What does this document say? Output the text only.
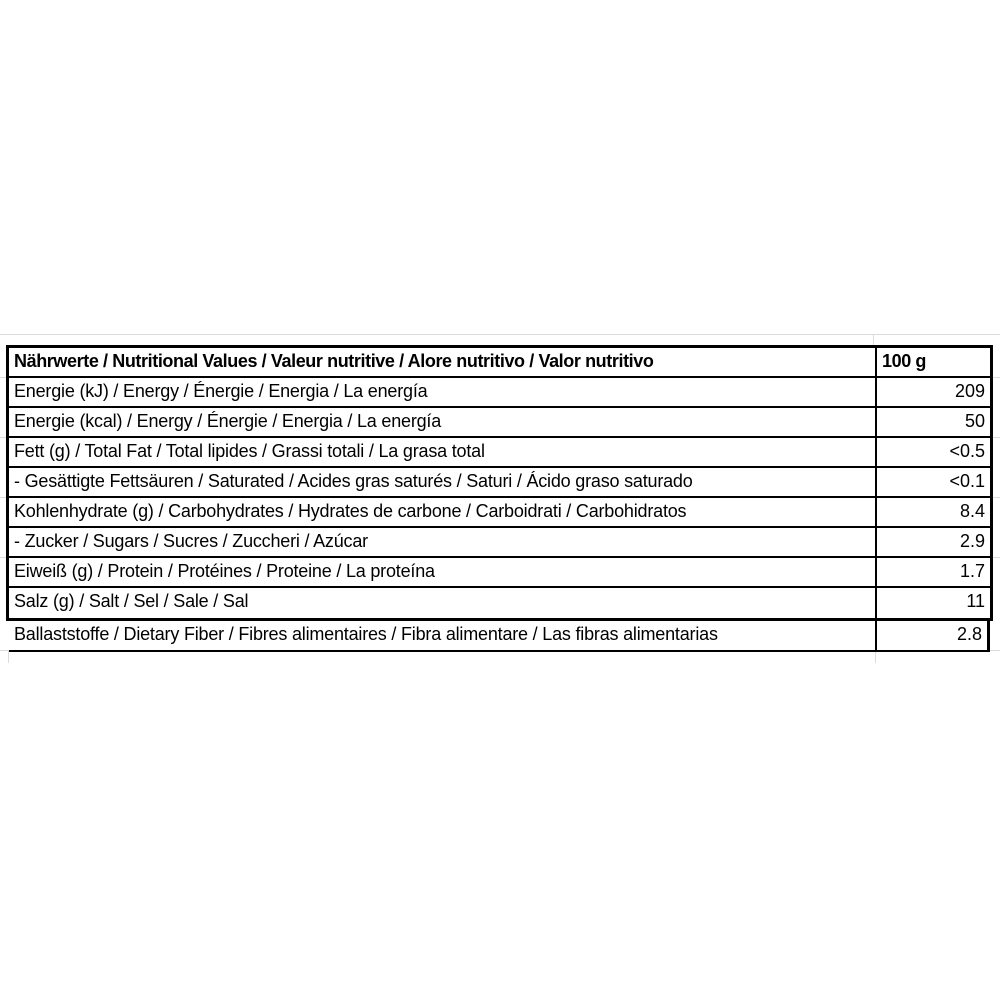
Nährwerte / Nutritional Values / Valeur nutritive / Alore nutritivo / Valor nutritivo	100 g
Energie (kJ) / Energy / Énergie / Energia / La energía	209
Energie (kcal) / Energy / Énergie / Energia / La energía	50
Fett (g) / Total Fat / Total lipides / Grassi totali / La grasa total	<0.5
- Gesättigte Fettsäuren / Saturated / Acides gras saturés / Saturi / Ácido graso saturado	<0.1
Kohlenhydrate (g) / Carbohydrates / Hydrates de carbone / Carboidrati / Carbohidratos	8.4
- Zucker / Sugars / Sucres / Zuccheri / Azúcar	2.9
Eiweiß (g) / Protein / Protéines / Proteine / La proteína	1.7
Salz (g) / Salt / Sel / Sale / Sal	11
Ballaststoffe / Dietary Fiber / Fibres alimentaires / Fibra alimentare / Las fibras alimentarias	2.8
